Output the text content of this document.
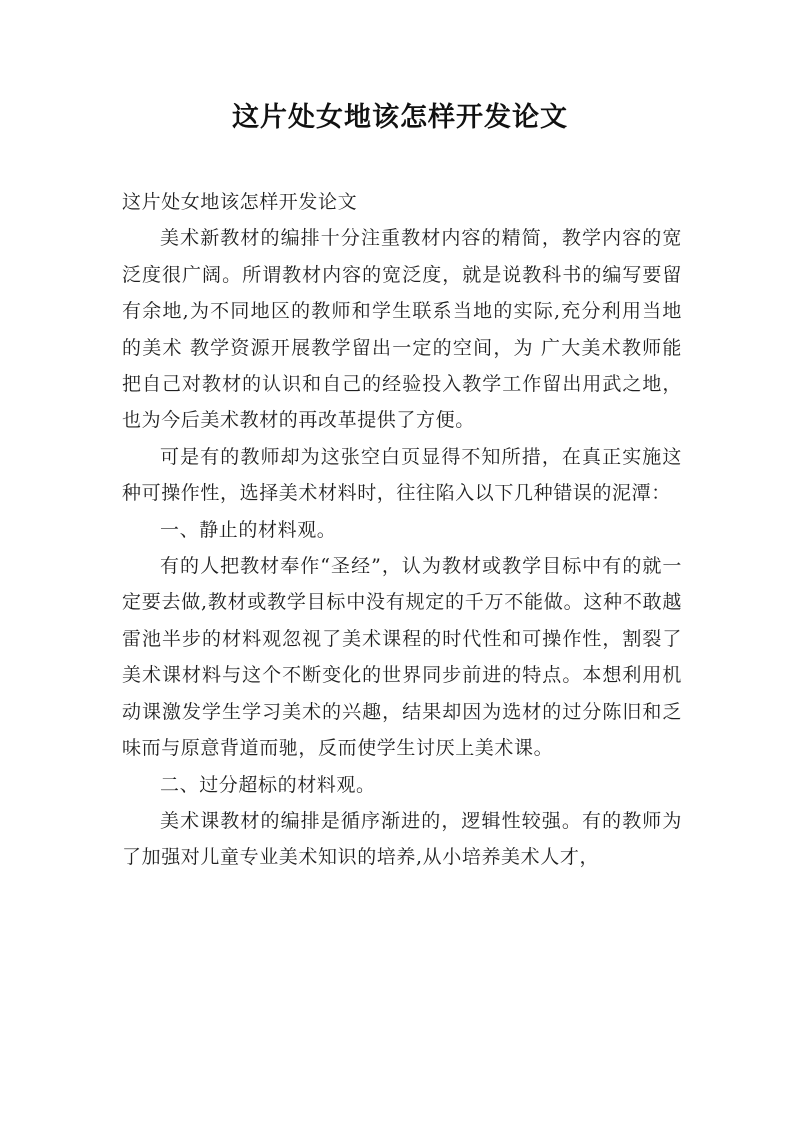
这片处女地该怎样开发论文

这片处女地该怎样开发论文

美术新教材的编排十分注重教材内容的精简，教学内容的宽泛度很广阔。所谓教材内容的宽泛度，就是说教科书的编写要留有余地,为不同地区的教师和学生联系当地的实际,充分利用当地的美术 教学资源开展教学留出一定的空间，为 广大美术教师能把自己对教材的认识和自己的经验投入教学工作留出用武之地，也为今后美术教材的再改革提供了方便。

可是有的教师却为这张空白页显得不知所措，在真正实施这种可操作性，选择美术材料时，往往陷入以下几种错误的泥潭：

一、静止的材料观。

有的人把教材奉作“圣经”，认为教材或教学目标中有的就一定要去做,教材或教学目标中没有规定的千万不能做。这种不敢越雷池半步的材料观忽视了美术课程的时代性和可操作性，割裂了美术课材料与这个不断变化的世界同步前进的特点。本想利用机动课激发学生学习美术的兴趣，结果却因为选材的过分陈旧和乏味而与原意背道而驰，反而使学生讨厌上美术课。

二、过分超标的材料观。

美术课教材的编排是循序渐进的，逻辑性较强。有的教师为了加强对儿童专业美术知识的培养,从小培养美术人才，
